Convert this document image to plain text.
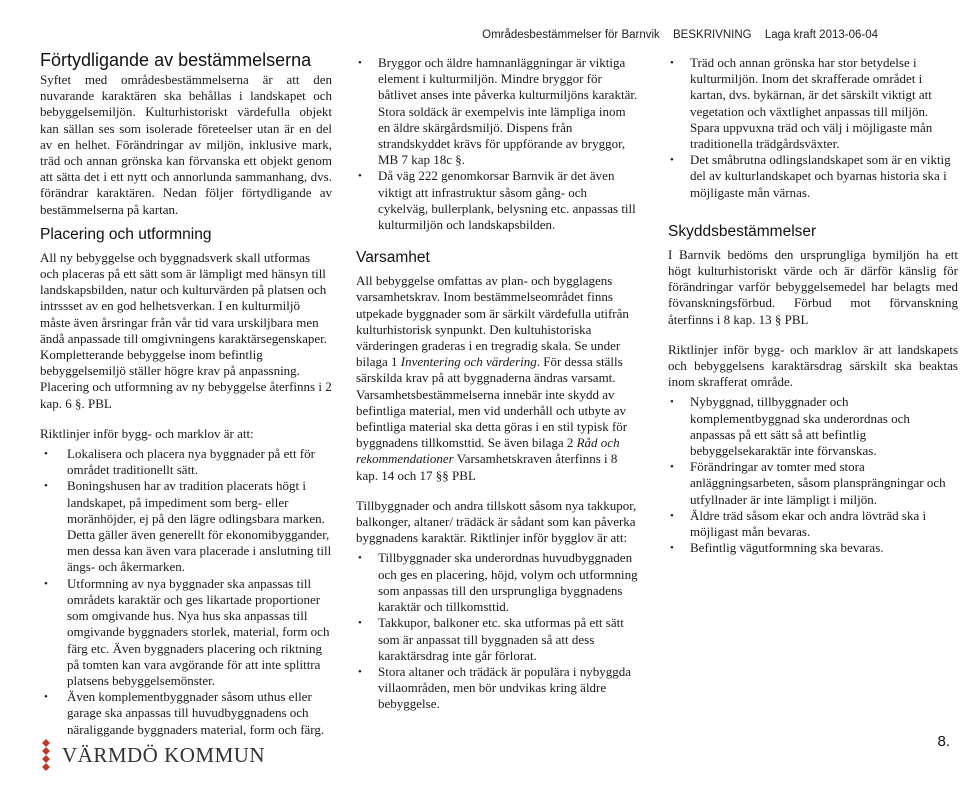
Områdesbestämmelser för Barnvik BESKRIVNING Laga kraft 2013-06-04
Förtydligande av bestämmelserna

Syftet med områdesbestämmelserna är att den nuvarande karaktären ska behållas i landskapet och bebyggelsemiljön. Kulturhistoriskt värdefulla objekt kan sällan ses som isolerade företeelser utan är en del av en helhet. Förändringar av miljön, inklusive mark, träd och annan grönska kan förvanska ett objekt genom att sätta det i ett nytt och annorlunda sammanhang, dvs. förändrar karaktären. Nedan följer förtydligande av bestämmelserna på kartan.

Placering och utformning

All ny bebyggelse och byggnadsverk skall utformas och placeras på ett sätt som är lämpligt med hänsyn till landskapsbilden, natur och kulturvärden på platsen och intrssset av en god helhetsverkan. I en kulturmiljö måste även årsringar från vår tid vara urskiljbara men ändå anpassade till omgivningens karaktärsegenskaper. Kompletterande bebyggelse inom befintlig bebyggelsemiljö ställer högre krav på anpassning. Placering och utformning av ny bebyggelse återfinns i 2 kap. 6 §. PBL

Riktlinjer inför bygg- och marklov är att:

• Lokalisera och placera nya byggnader på ett för området traditionellt sätt.
• Boningshusen har av tradition placerats högt i landskapet, på impediment som berg- eller moränhöjder, ej på den lägre odlingsbara marken. Detta gäller även generellt för ekonomibyggander, men dessa kan även vara placerade i anslutning till ängs- och åkermarken.
• Utformning av nya byggnader ska anpassas till områdets karaktär och ges likartade proportioner som omgivande hus. Nya hus ska anpassas till omgivande byggnaders storlek, material, form och färg etc. Även byggnaders placering och riktning på tomten kan vara avgörande för att inte splittra platsens bebyggelsemönster.
• Även komplementbyggnader såsom uthus eller garage ska anpassas till huvudbyggnadens och näraliggande byggnaders material, form och färg.
• Bryggor och äldre hamnanläggningar är viktiga element i kulturmiljön. Mindre bryggor för båtlivet anses inte påverka kulturmiljöns karaktär. Stora soldäck är exempelvis inte lämpliga inom en äldre skärgårdsmiljö. Dispens från strandskyddet krävs för uppförande av bryggor, MB 7 kap 18c §.
• Då väg 222 genomkorsar Barnvik är det även viktigt att infrastruktur såsom gång- och cykelväg, bullerplank, belysning etc. anpassas till kulturmiljön och landskapsbilden.
Varsamhet

All bebyggelse omfattas av plan- och bygglagens varsamhetskrav. Inom bestämmelseområdet finns utpekade byggnader som är särkilt värdefulla utifrån kulturhistorisk synpunkt. Den kultuhistoriska värderingen graderas i en tregradig skala. Se under bilaga 1 Inventering och värdering. För dessa ställs särskilda krav på att byggnaderna ändras varsamt. Varsamhetsbestämmelserna innebär inte skydd av befintliga material, men vid underhåll och utbyte av befintliga material ska detta göras i en stil typisk för byggnadens tillkomsttid. Se även bilaga 2 Råd och rekommendationer Varsamhetskraven återfinns i 8 kap. 14 och 17 §§ PBL

Tillbyggnader och andra tillskott såsom nya takkupor, balkonger, altaner/ trädäck är sådant som kan påverka byggnadens karaktär. Riktlinjer inför bygglov är att:

• Tillbyggnader ska underordnas huvudbyggnaden och ges en placering, höjd, volym och utformning som anpassas till den ursprungliga byggnadens karaktär och tillkomsttid.
• Takkupor, balkoner etc. ska utformas på ett sätt som är anpassat till byggnaden så att dess karaktärsdrag inte går förlorat.
• Stora altaner och trädäck är populära i nybyggda villaområden, men bör undvikas kring äldre bebyggelse.
• Träd och annan grönska har stor betydelse i kulturmiljön. Inom det skrafferade området i kartan, dvs. bykärnan, är det särskilt viktigt att vegetation och växtlighet anpassas till miljön. Spara uppvuxna träd och välj i möjligaste mån traditionella trädgårdsväxter.
• Det småbrutna odlingslandskapet som är en viktig del av kulturlandskapet och byarnas historia ska i möjligaste mån värnas.
Skyddsbestämmelser

I Barnvik bedöms den ursprungliga bymiljön ha ett högt kulturhistoriskt värde och är därför känslig för förändringar varför bebyggelsemedel har belagts med fövanskningsförbud. Förbud mot förvanskning återfinns i 8 kap. 13 § PBL

Riktlinjer inför bygg- och marklov är att landskapets och bebyggelsens karaktärsdrag särskilt ska beaktas inom skrafferat område.

• Nybyggnad, tillbyggnader och komplementbyggnad ska underordnas och anpassas på ett sätt så att befintlig bebyggelsekaraktär inte förvanskas.
• Förändringar av tomter med stora anläggningsarbeten, såsom plansprängningar och utfyllnader är inte lämpligt i miljön.
• Äldre träd såsom ekar och andra lövträd ska i möjligast mån bevaras.
• Befintlig vägutformning ska bevaras.
VÄRMDÖ KOMMUN
8.
